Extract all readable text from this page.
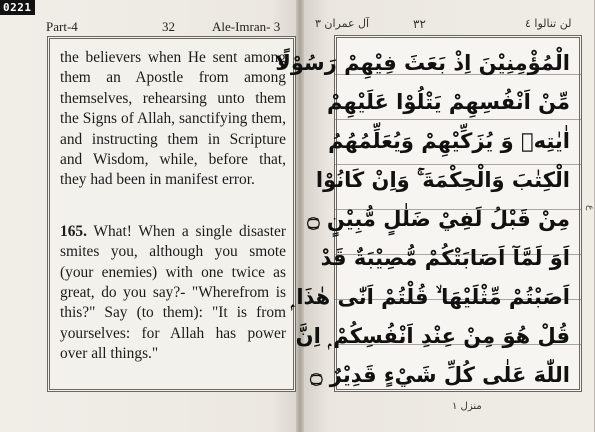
0221
Part-4	32	Ale-Imran- 3

the believers when He sent among them an Apostle from among themselves, rehearsing unto them the Signs of Allah, sanctifying them, and instructing them in Scripture and Wisdom, while, before that, they had been in manifest error.

165. What! When a single disaster smites you, although you smote (your enemies) with one twice as great, do you say?- "Wherefrom is this?" Say (to them): "It is from yourselves: for Allah has power over all things."

لن تنالوا ٤
٣٢
آل عمران ٣
الْمُؤْمِنِيْنَ اِذْ بَعَثَ فِيْهِمْ رَسُوْلًا
مِّنْ اَنْفُسِهِمْ يَتْلُوْا عَلَيْهِمْ
اٰيٰتِهٖ وَ يُزَكِّيْهِمْ وَيُعَلِّمُهُمُ
الْكِتٰبَ وَالْحِكْمَةَ ۚ وَاِنْ كَانُوْا
مِنْ قَبْلُ لَفِيْ ضَلٰلٍ مُّبِيْنٍ ۝
اَوَ لَمَّآ اَصَابَتْكُمْ مُّصِيْبَةٌ قَدْ
اَصَبْتُمْ مِّثْلَيْهَا ۙ قُلْتُمْ اَنّٰى هٰذَا ۭ
قُلْ هُوَ مِنْ عِنْدِ اَنْفُسِكُمْ ۭ اِنَّ
اللّٰهَ عَلٰى كُلِّ شَيْءٍ قَدِيْرٌ ۝
منزل ١
ع
